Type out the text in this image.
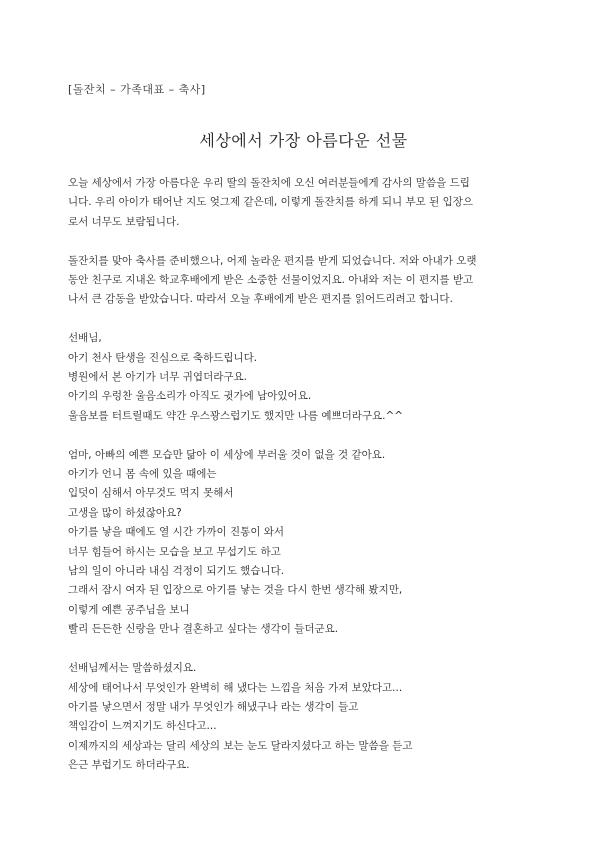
[돌잔치 – 가족대표 – 축사]

세상에서 가장 아름다운 선물

오늘 세상에서 가장 아름다운 우리 딸의 돌잔치에 오신 여러분들에게 감사의 말씀을 드립
니다. 우리 아이가 태어난 지도 엊그제 같은데, 이렇게 돌잔치를 하게 되니 부모 된 입장으
로서 너무도 보람됩니다.

돌잔치를 맞아 축사를 준비했으나, 어제 놀라운 편지를 받게 되었습니다. 저와 아내가 오랫
동안 친구로 지내온 학교후배에게 받은 소중한 선물이었지요. 아내와 저는 이 편지를 받고
나서 큰 감동을 받았습니다. 따라서 오늘 후배에게 받은 편지를 읽어드리려고 합니다.

선배님,
아기 천사 탄생을 진심으로 축하드립니다.
병원에서 본 아기가 너무 귀엽더라구요.
아기의 우렁찬 울음소리가 아직도 귓가에 남아있어요.
울음보를 터트릴때도 약간 우스꽝스럽기도 했지만 나름 예쁘더라구요.^^

엄마, 아빠의 예쁜 모습만 닮아 이 세상에 부러울 것이 없을 것 같아요.
아기가 언니 몸 속에 있을 때에는
입덧이 심해서 아무것도 먹지 못해서
고생을 많이 하셨잖아요?
아기를 낳을 때에도 열 시간 가까이 진통이 와서
너무 힘들어 하시는 모습을 보고 무섭기도 하고
남의 일이 아니라 내심 걱정이 되기도 했습니다.
그래서 잠시 여자 된 입장으로 아기를 낳는 것을 다시 한번 생각해 봤지만,
이렇게 예쁜 공주님을 보니
빨리 든든한 신랑을 만나 결혼하고 싶다는 생각이 들더군요.

선배님께서는 말씀하셨지요.
세상에 태어나서 무엇인가 완벽히 해 냈다는 느낌을 처음 가져 보았다고...
아기를 낳으면서 정말 내가 무엇인가 해냈구나 라는 생각이 들고
책임감이 느껴지기도 하신다고...
이제까지의 세상과는 달리 세상의 보는 눈도 달라지셨다고 하는 말씀을 듣고
은근 부럽기도 하더라구요.
